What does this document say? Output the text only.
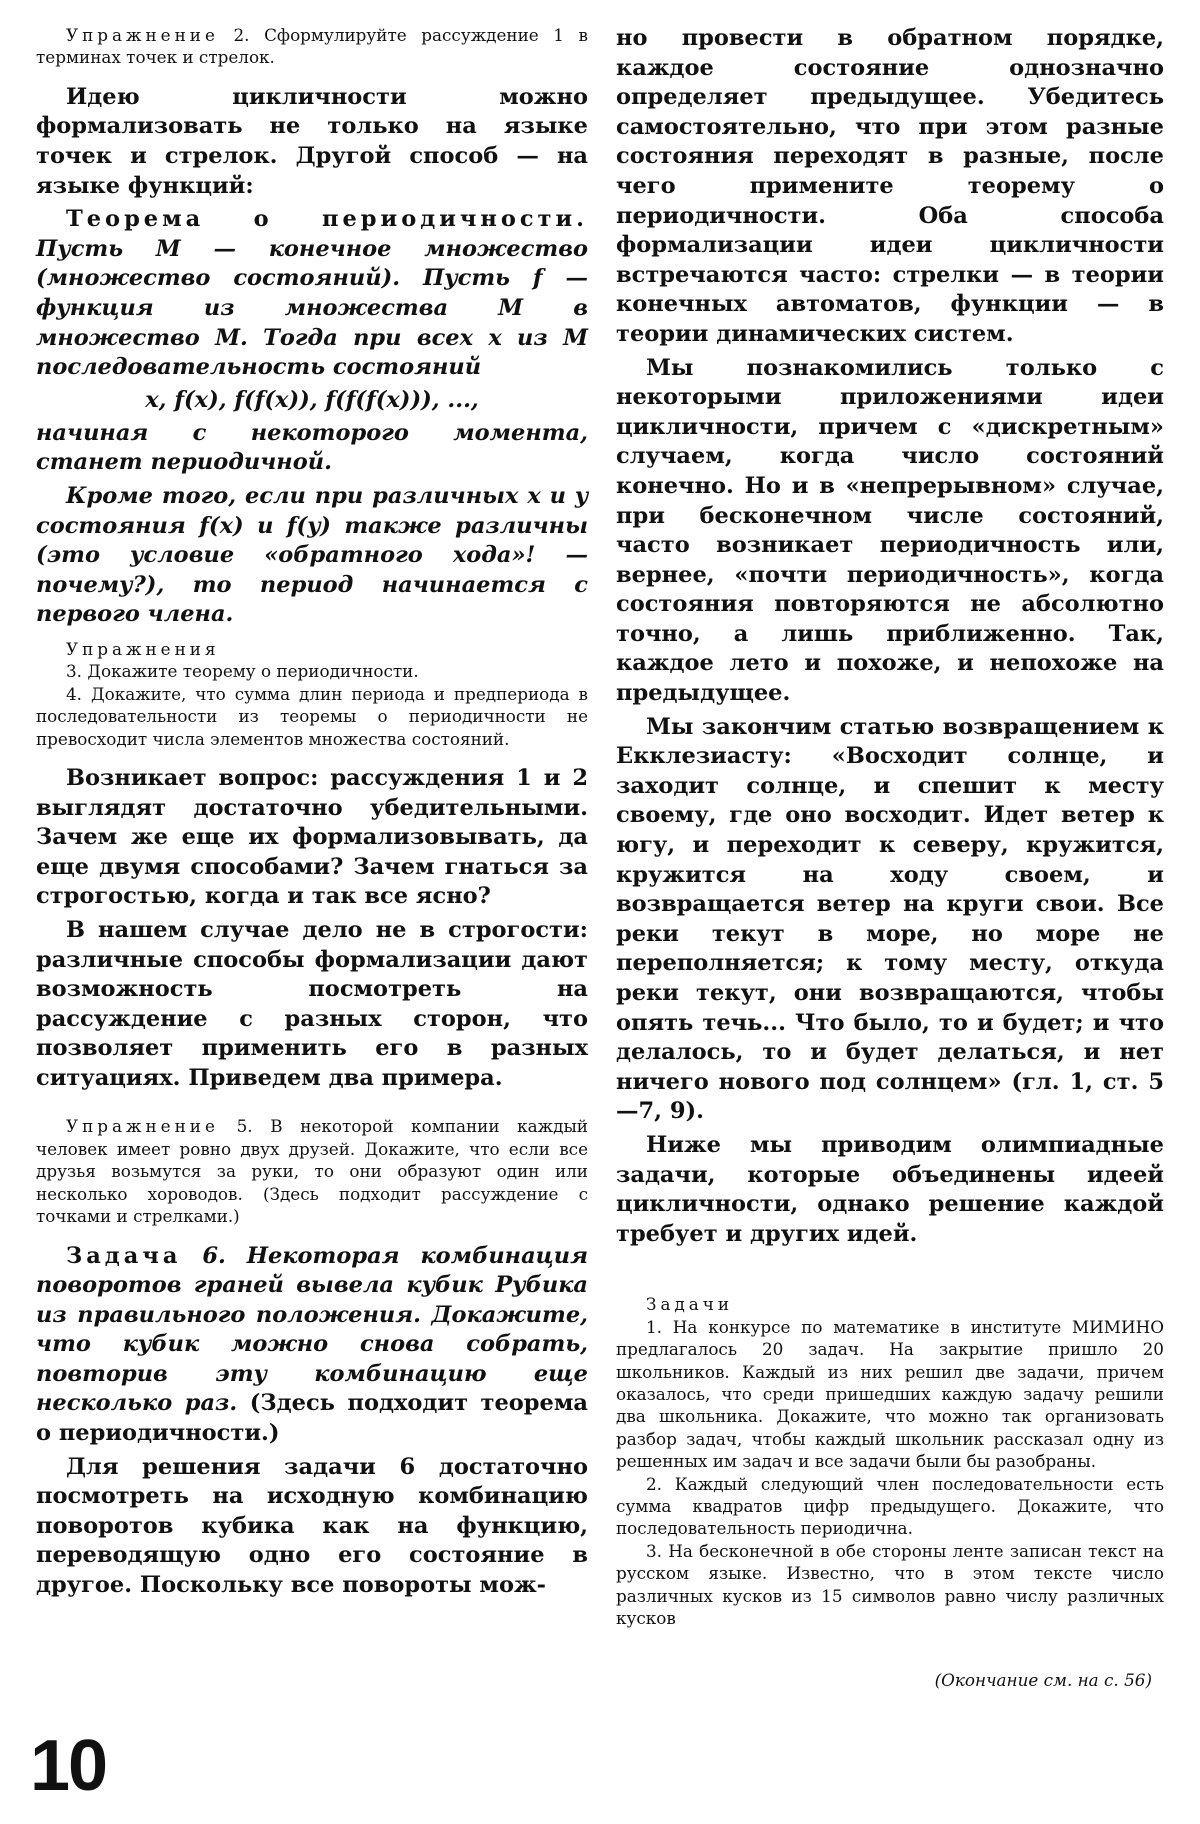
Упражнение 2. Сформулируйте рассуждение 1 в терминах точек и стрелок.

Идею цикличности можно формализовать не только на языке точек и стрелок. Другой способ — на языке функций:

Теорема о периодичности. Пусть M — конечное множество (множество состояний). Пусть f — функция из множества M в множество M. Тогда при всех x из M последовательность состояний

x, f(x), f(f(x)), f(f(f(x))), ...,

начиная с некоторого момента, станет периодичной.

Кроме того, если при различных x и y состояния f(x) и f(y) также различны (это условие «обратного хода»! — почему?), то период начинается с первого члена.

Упражнения

3. Докажите теорему о периодичности.

4. Докажите, что сумма длин периода и предпериода в последовательности из теоремы о периодичности не превосходит числа элементов множества состояний.

Возникает вопрос: рассуждения 1 и 2 выглядят достаточно убедительными. Зачем же еще их формализовывать, да еще двумя способами? Зачем гнаться за строгостью, когда и так все ясно?

В нашем случае дело не в строгости: различные способы формализации дают возможность посмотреть на рассуждение с разных сторон, что позволяет применить его в разных ситуациях. Приведем два примера.

Упражнение 5. В некоторой компании каждый человек имеет ровно двух друзей. Докажите, что если все друзья возьмутся за руки, то они образуют один или несколько хороводов. (Здесь подходит рассуждение с точками и стрелками.)

Задача 6. Некоторая комбинация поворотов граней вывела кубик Рубика из правильного положения. Докажите, что кубик можно снова собрать, повторив эту комбинацию еще несколько раз. (Здесь подходит теорема о периодичности.)

Для решения задачи 6 достаточно посмотреть на исходную комбинацию поворотов кубика как на функцию, переводящую одно его состояние в другое. Поскольку все повороты мож-

но провести в обратном порядке, каждое состояние однозначно определяет предыдущее. Убедитесь самостоятельно, что при этом разные состояния переходят в разные, после чего примените теорему о периодичности. Оба способа формализации идеи цикличности встречаются часто: стрелки — в теории конечных автоматов, функции — в теории динамических систем.

Мы познакомились только с некоторыми приложениями идеи цикличности, причем с «дискретным» случаем, когда число состояний конечно. Но и в «непрерывном» случае, при бесконечном числе состояний, часто возникает периодичность или, вернее, «почти периодичность», когда состояния повторяются не абсолютно точно, а лишь приближенно. Так, каждое лето и похоже, и непохоже на предыдущее.

Мы закончим статью возвращением к Екклезиасту: «Восходит солнце, и заходит солнце, и спешит к месту своему, где оно восходит. Идет ветер к югу, и переходит к северу, кружится, кружится на ходу своем, и возвращается ветер на круги свои. Все реки текут в море, но море не переполняется; к тому месту, откуда реки текут, они возвращаются, чтобы опять течь... Что было, то и будет; и что делалось, то и будет делаться, и нет ничего нового под солнцем» (гл. 1, ст. 5—7, 9).

Ниже мы приводим олимпиадные задачи, которые объединены идеей цикличности, однако решение каждой требует и других идей.

Задачи

1. На конкурсе по математике в институте МИМИНО предлагалось 20 задач. На закрытие пришло 20 школьников. Каждый из них решил две задачи, причем оказалось, что среди пришедших каждую задачу решили два школьника. Докажите, что можно так организовать разбор задач, чтобы каждый школьник рассказал одну из решенных им задач и все задачи были бы разобраны.

2. Каждый следующий член последовательности есть сумма квадратов цифр предыдущего. Докажите, что последовательность периодична.

3. На бесконечной в обе стороны ленте записан текст на русском языке. Известно, что в этом тексте число различных кусков из 15 символов равно числу различных кусков

(Окончание см. на с. 56)

10
